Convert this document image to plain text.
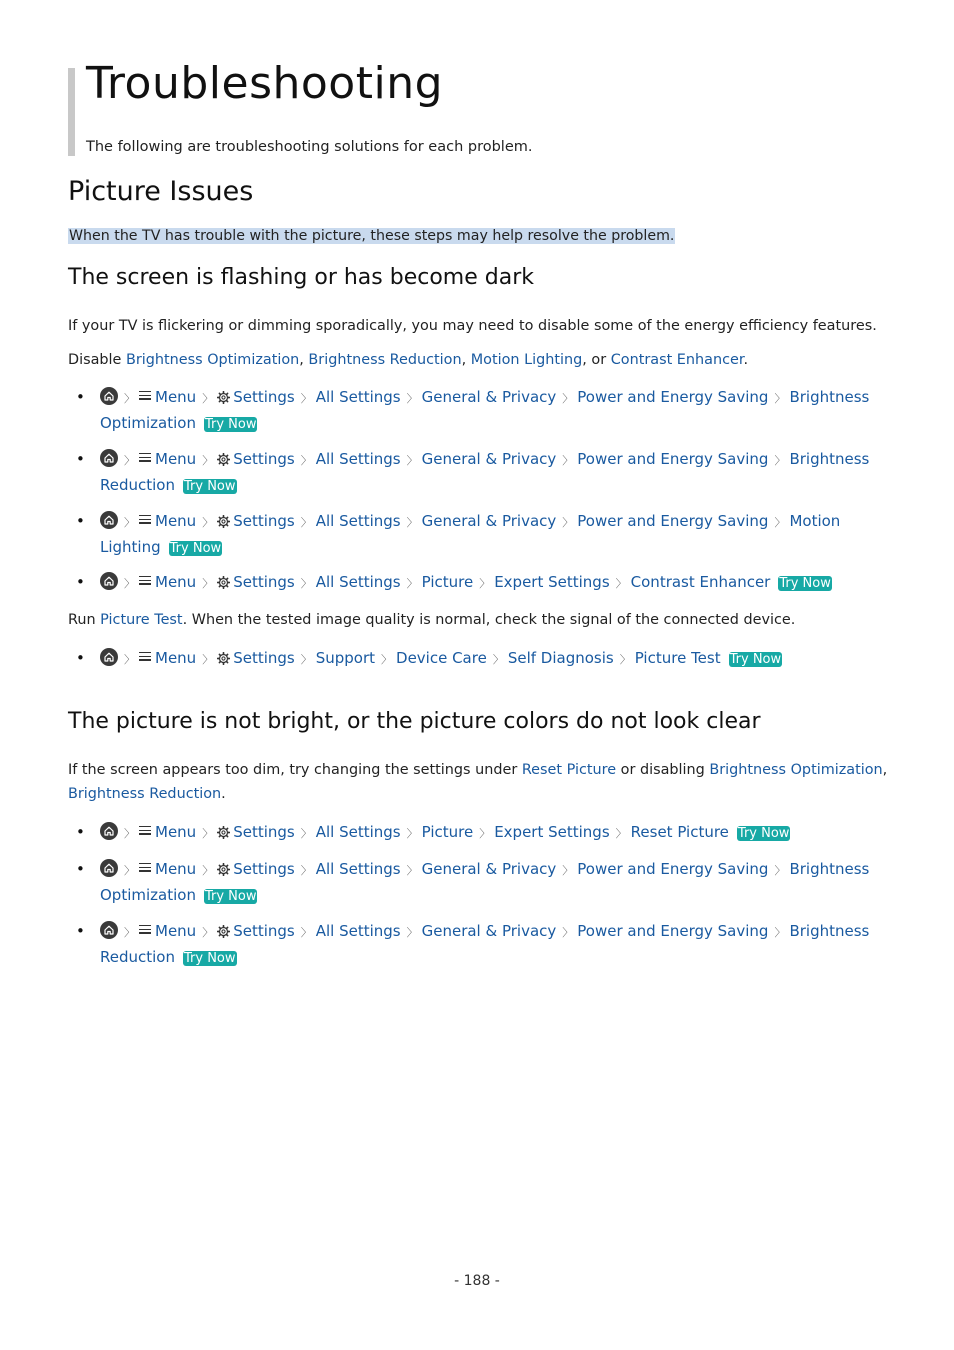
Troubleshooting

The following are troubleshooting solutions for each problem.

Picture Issues

When the TV has trouble with the picture, these steps may help resolve the problem.

The screen is flashing or has become dark

If your TV is flickering or dimming sporadically, you may need to disable some of the energy efficiency features.

Disable Brightness Optimization, Brightness Reduction, Motion Lighting, or Contrast Enhancer.

•	〉 Menu 〉 Settings 〉 All Settings 〉 General & Privacy 〉 Power and Energy Saving 〉 Brightness Optimization Try Now
•	〉 Menu 〉 Settings 〉 All Settings 〉 General & Privacy 〉 Power and Energy Saving 〉 Brightness Reduction Try Now
•	〉 Menu 〉 Settings 〉 All Settings 〉 General & Privacy 〉 Power and Energy Saving 〉 Motion Lighting Try Now
•	〉 Menu 〉 Settings 〉 All Settings 〉 Picture 〉 Expert Settings 〉 Contrast Enhancer Try Now

Run Picture Test. When the tested image quality is normal, check the signal of the connected device.

•	〉 Menu 〉 Settings 〉 Support 〉 Device Care 〉 Self Diagnosis 〉 Picture Test Try Now
The picture is not bright, or the picture colors do not look clear

If the screen appears too dim, try changing the settings under Reset Picture or disabling Brightness Optimization, Brightness Reduction.

•	〉 Menu 〉 Settings 〉 All Settings 〉 Picture 〉 Expert Settings 〉 Reset Picture Try Now
•	〉 Menu 〉 Settings 〉 All Settings 〉 General & Privacy 〉 Power and Energy Saving 〉 Brightness Optimization Try Now
•	〉 Menu 〉 Settings 〉 All Settings 〉 General & Privacy 〉 Power and Energy Saving 〉 Brightness Reduction Try Now
- 188 -
